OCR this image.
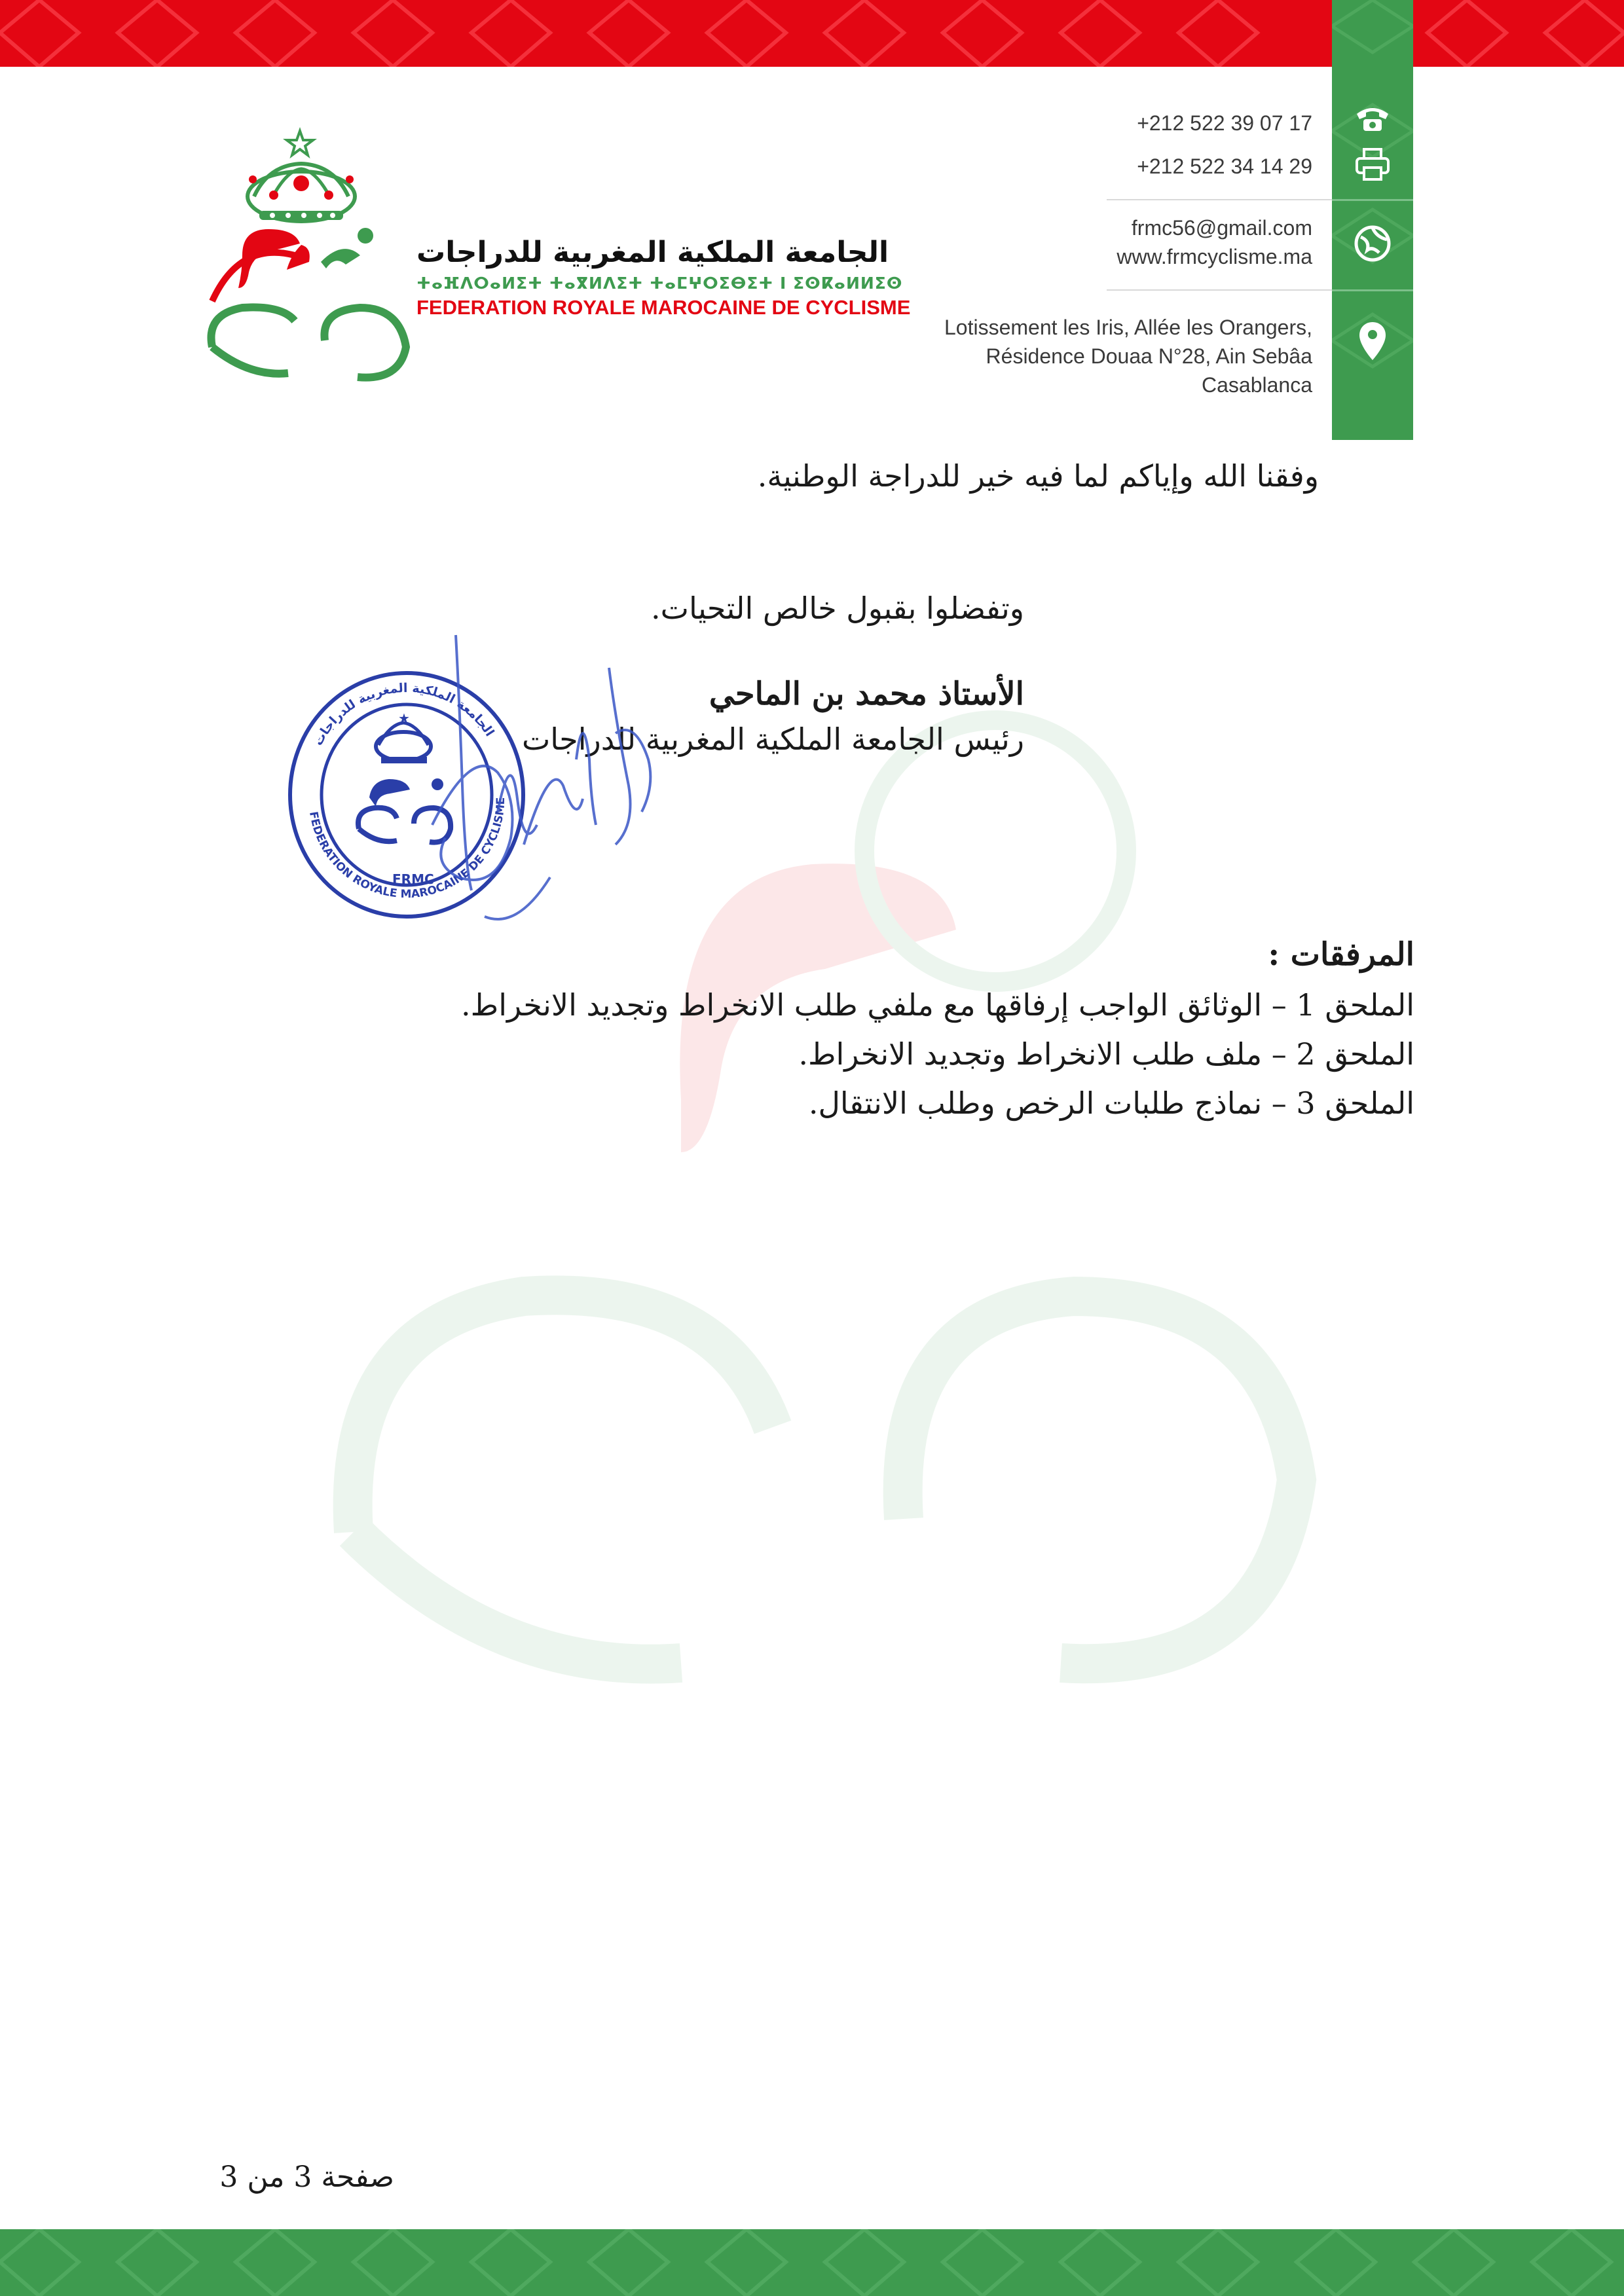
+212 522 39 07 17
+212 522 34 14 29
frmc56@gmail.com
www.frmcyclisme.ma
Lotissement les Iris, Allée les Orangers,
Résidence Douaa N°28, Ain Sebâa
Casablanca
الجامعة الملكية المغربية للدراجات
ⵜⴰⴼⴷⵔⴰⵍⵉⵜ ⵜⴰⴳⵍⴷⵉⵜ ⵜⴰⵎⵖⵔⵉⴱⵉⵜ ⵏ ⵉⵙⴽⴰⵍⵍⵉⵙ
FEDERATION ROYALE MAROCAINE DE CYCLISME
وفقنا الله وإياكم لما فيه خير للدراجة الوطنية.
وتفضلوا بقبول خالص التحيات.
الأستاذ محمد بن الماحي
رئيس الجامعة الملكية المغربية للدراجات
الجامعة الملكية المغربية للدراجات
FEDERATION ROYALE MAROCAINE DE CYCLISME
★
FRMC
المرفقات :
الملحق 1 – الوثائق الواجب إرفاقها مع ملفي طلب الانخراط وتجديد الانخراط.
الملحق 2 – ملف طلب الانخراط وتجديد الانخراط.
الملحق 3 – نماذج طلبات الرخص وطلب الانتقال.
صفحة 3 من 3
